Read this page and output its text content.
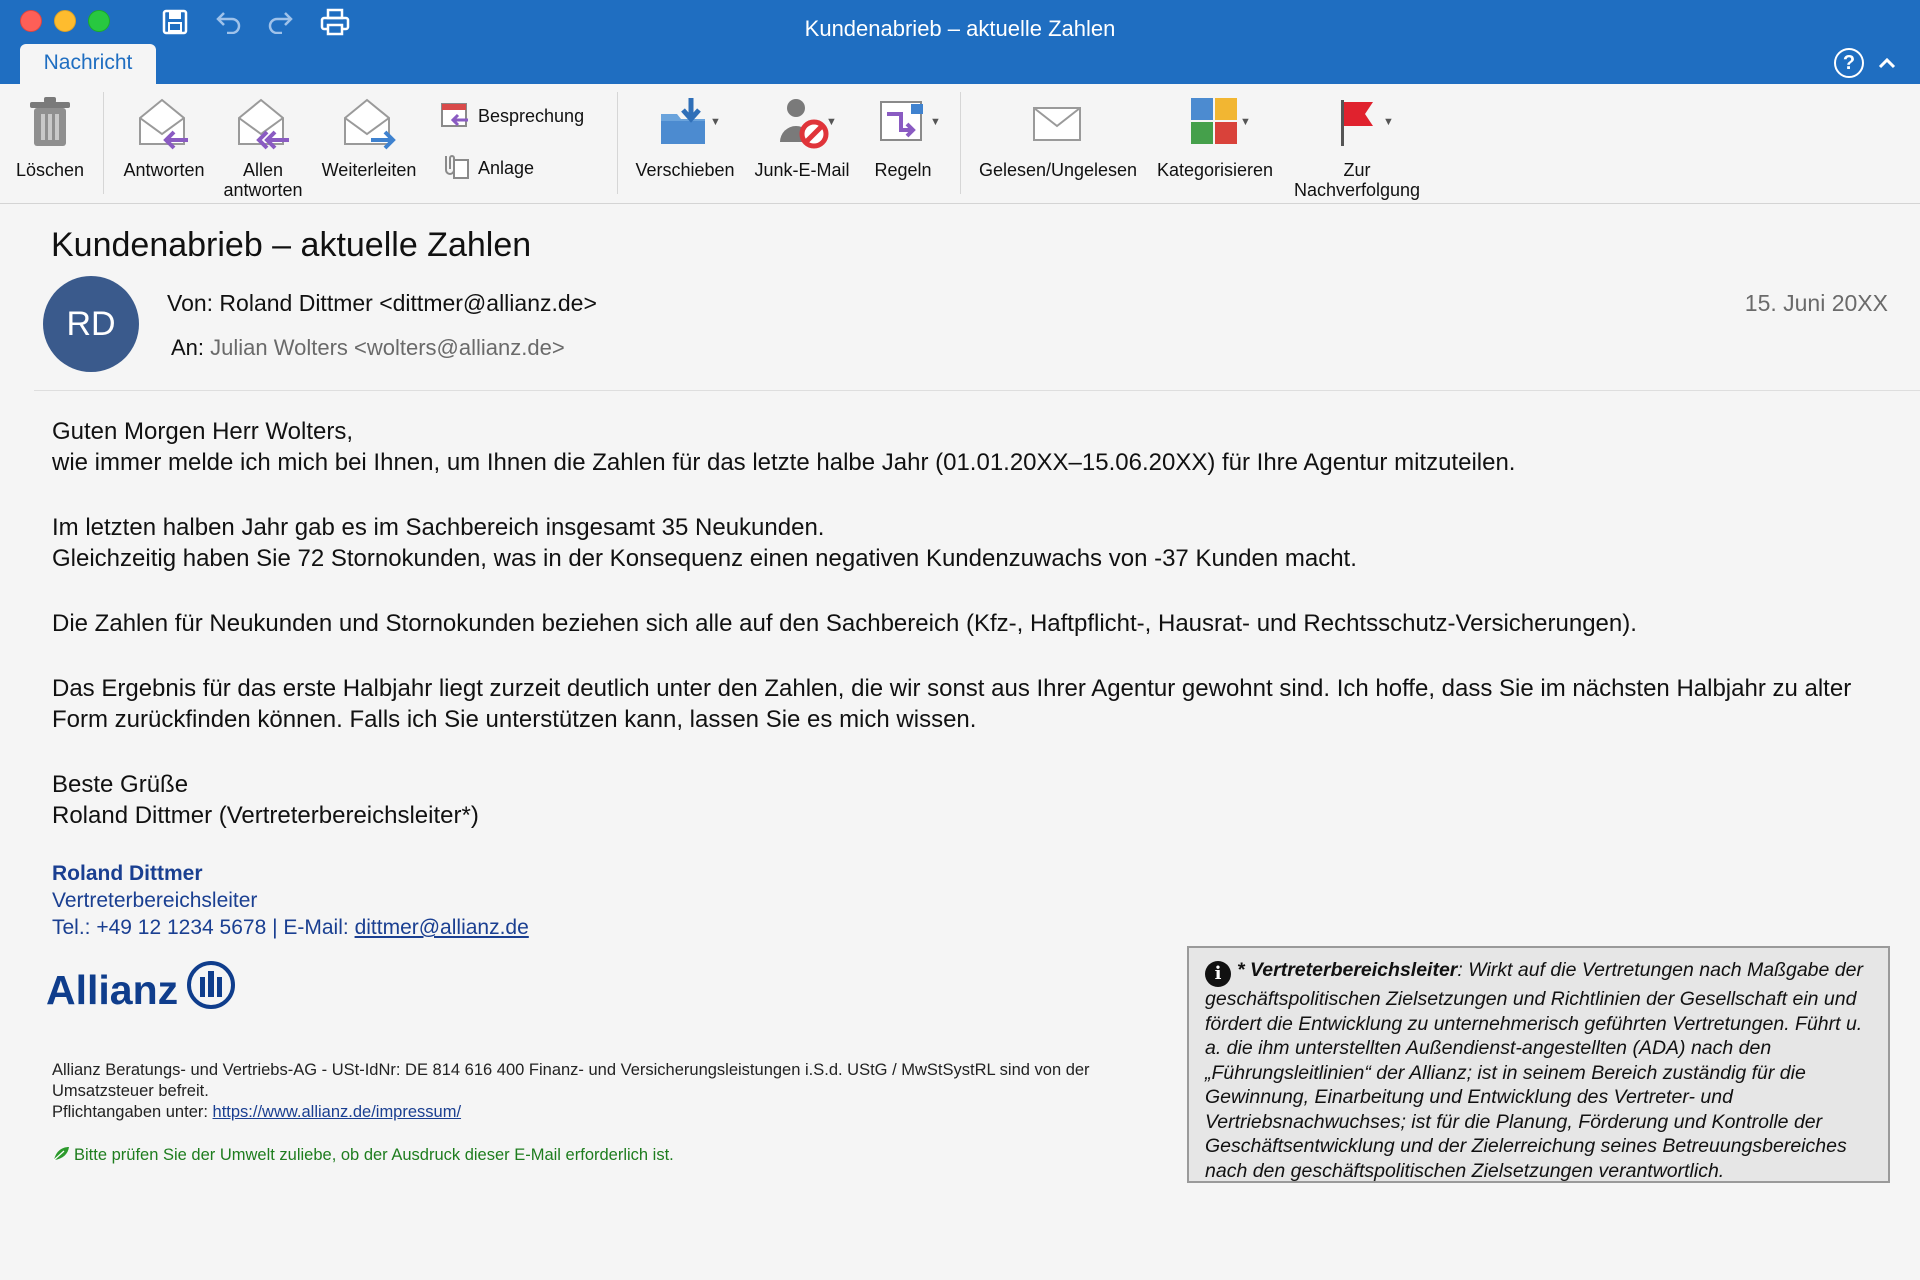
Kundenabrieb – aktuelle Zahlen
Nachricht	?
Löschen	Antworten	Allen
antworten
Weiterleiten
Besprechung
Anlage	Verschieben
▼
Junk-E-Mail
▼
Regeln
▼
Gelesen/Ungelesen	Kategorisieren
▼
Zur
Nachverfolgung
▼
Kundenabrieb – aktuelle Zahlen
RD
Von: Roland Dittmer <dittmer@allianz.de>
An: Julian Wolters <wolters@allianz.de>
15. Juni 20XX

Guten Morgen Herr Wolters,
wie immer melde ich mich bei Ihnen, um Ihnen die Zahlen für das letzte halbe Jahr (01.01.20XX–15.06.20XX) für Ihre Agentur mitzuteilen.

Im letzten halben Jahr gab es im Sachbereich insgesamt 35 Neukunden.
Gleichzeitig haben Sie 72 Stornokunden, was in der Konsequenz einen negativen Kundenzuwachs von -37 Kunden macht.

Die Zahlen für Neukunden und Stornokunden beziehen sich alle auf den Sachbereich (Kfz-, Haftpflicht-, Hausrat- und Rechtsschutz-Versicherungen).

Das Ergebnis für das erste Halbjahr liegt zurzeit deutlich unter den Zahlen, die wir sonst aus Ihrer Agentur gewohnt sind. Ich hoffe, dass Sie im nächsten Halbjahr zu alter Form zurückfinden können. Falls ich Sie unterstützen kann, lassen Sie es mich wissen.

Beste Grüße
Roland Dittmer (Vertreterbereichsleiter*)

Roland Dittmer
Vertreterbereichsleiter
Tel.: +49 12 1234 5678 | E-Mail: dittmer@allianz.de
Allianz
Allianz Beratungs- und Vertriebs-AG - USt-IdNr: DE 814 616 400 Finanz- und Versicherungsleistungen i.S.d. UStG / MwStSystRL sind von der Umsatzsteuer befreit.
Pflichtangaben unter: https://www.allianz.de/impressum/
Bitte prüfen Sie der Umwelt zuliebe, ob der Ausdruck dieser E-Mail erforderlich ist.
i * Vertreterbereichsleiter: Wirkt auf die Vertretungen nach Maßgabe der geschäftspolitischen Zielsetzungen und Richtlinien der Gesellschaft ein und fördert die Entwicklung zu unternehmerisch geführten Vertretungen. Führt u. a. die ihm unterstellten Außendienst-angestellten (ADA) nach den „Führungsleitlinien“ der Allianz; ist in seinem Bereich zuständig für die Gewinnung, Einarbeitung und Entwicklung des Vertreter- und Vertriebsnachwuchses; ist für die Planung, Förderung und Kontrolle der Geschäftsentwicklung und der Zielerreichung seines Betreuungsbereiches nach den geschäftspolitischen Zielsetzungen verantwortlich.
